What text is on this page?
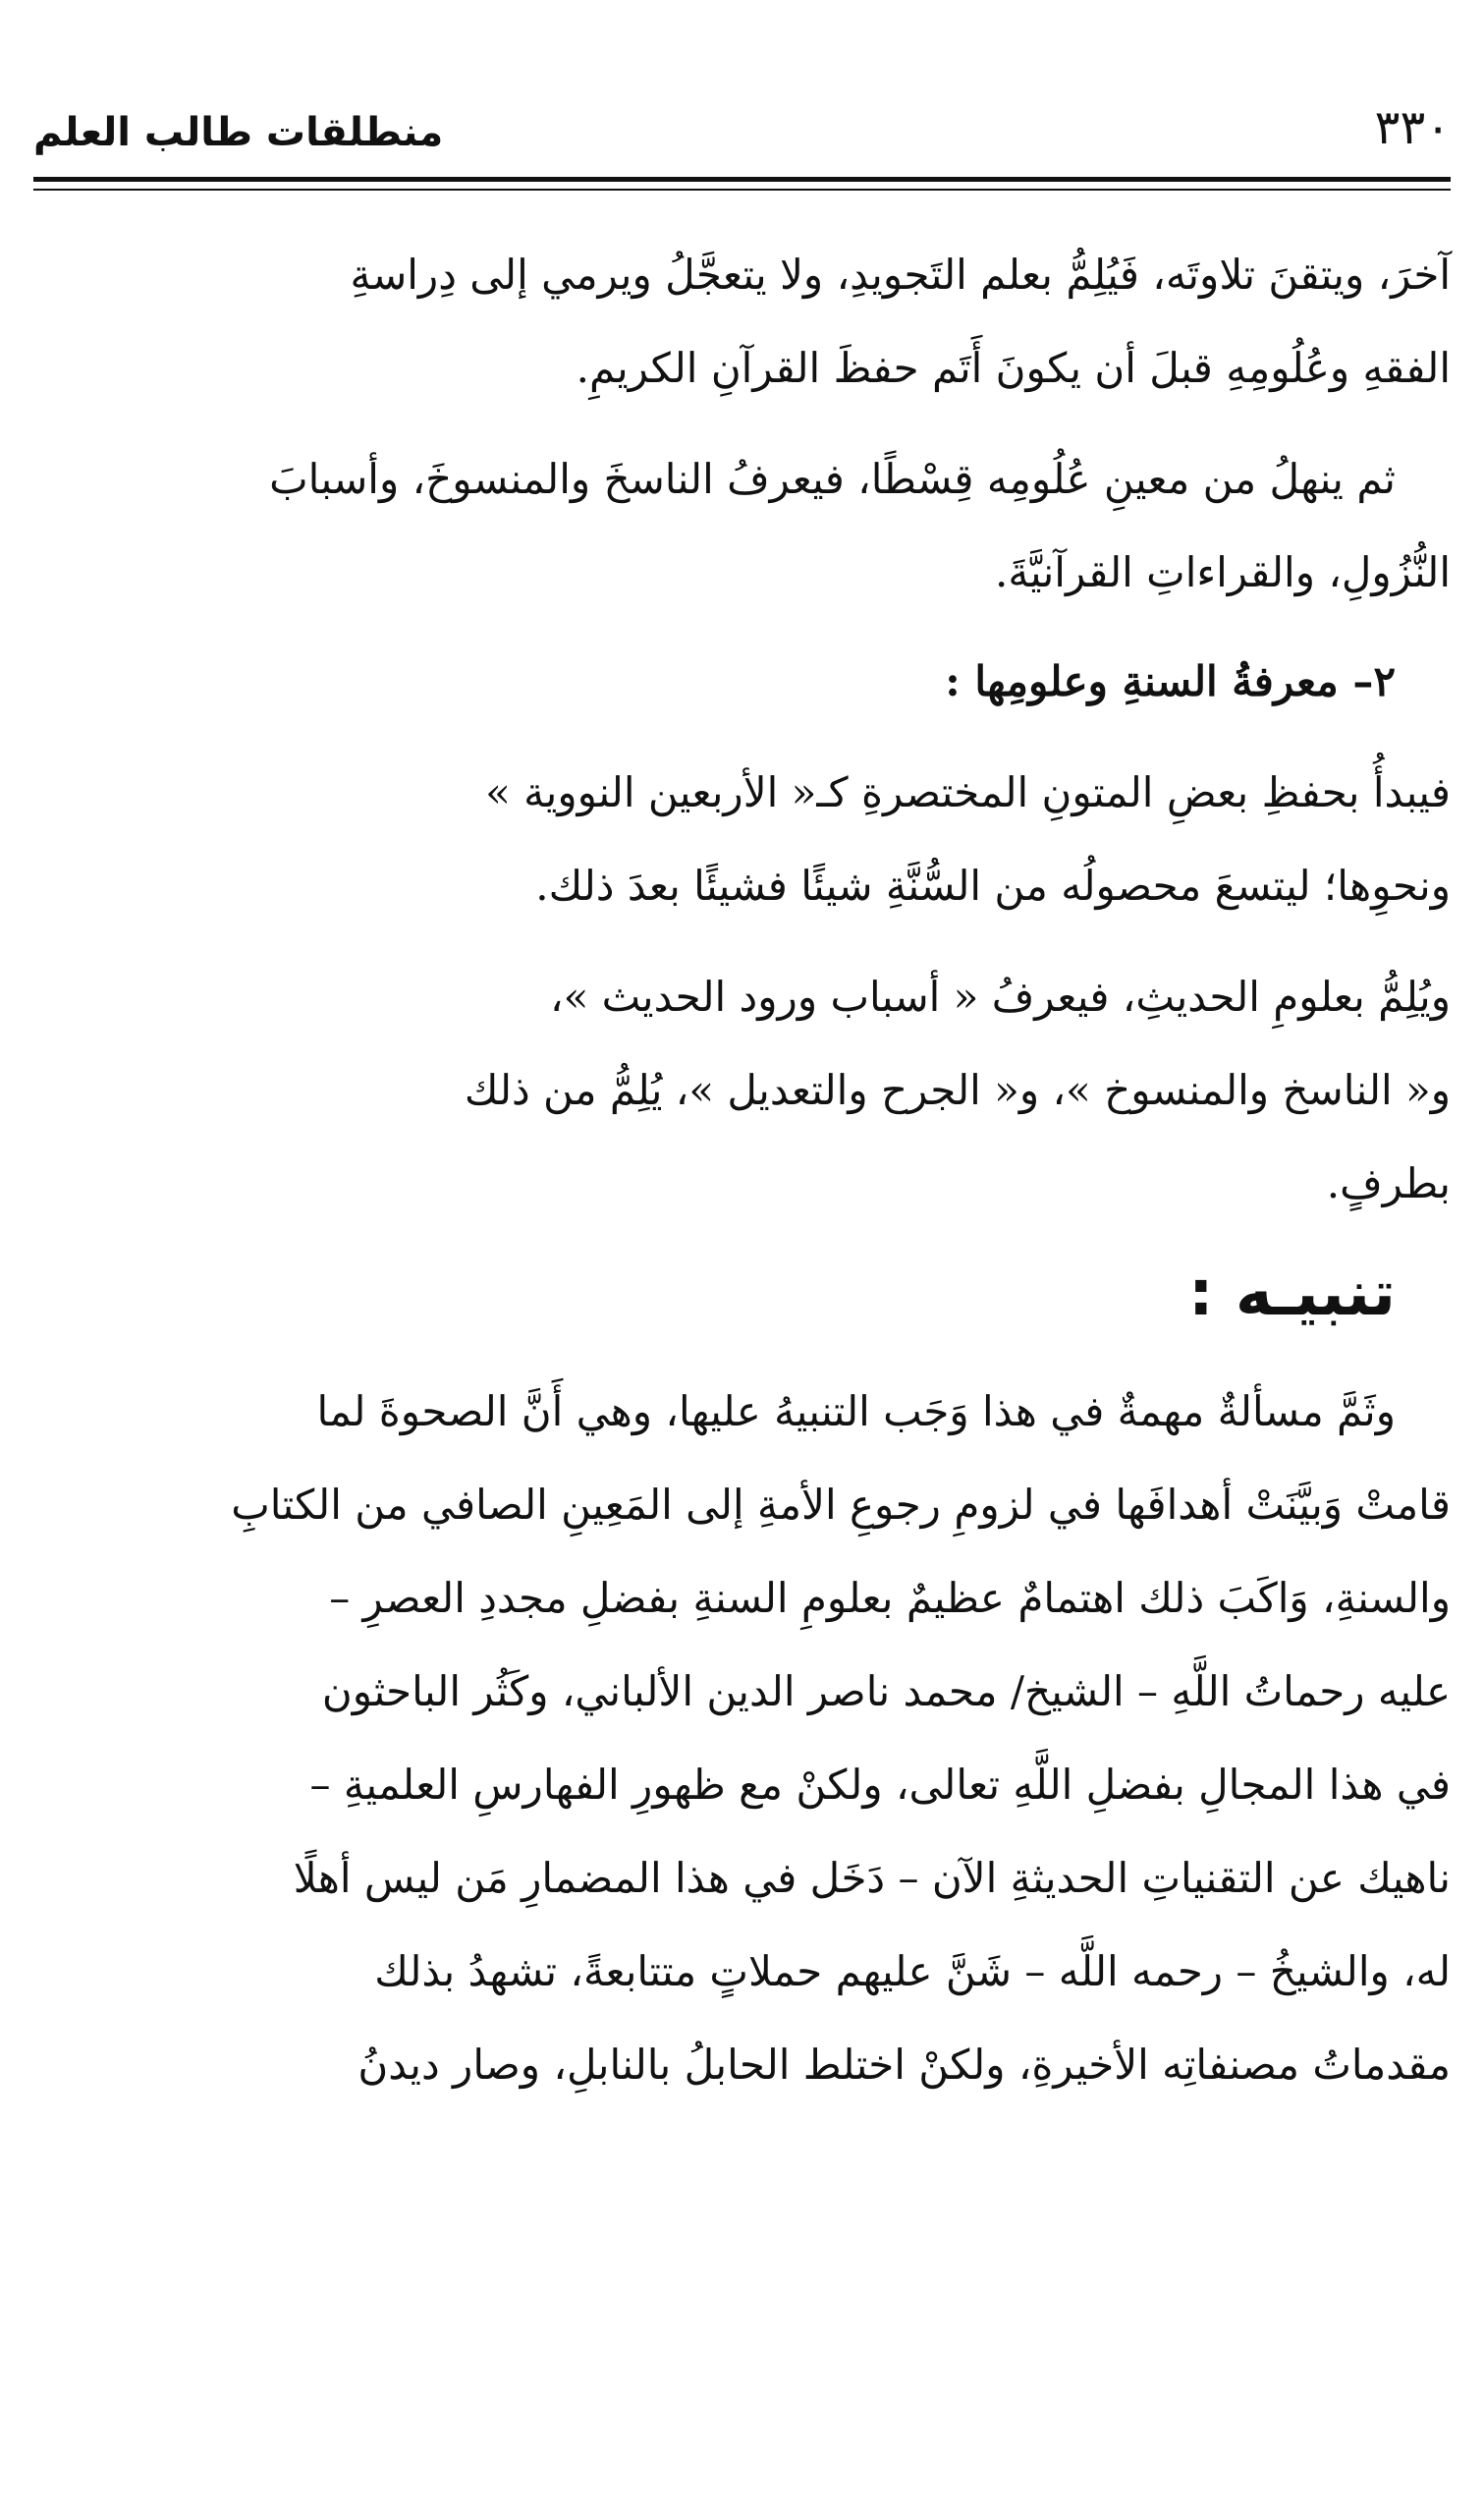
منطلقات طالب العلم	٣٣٠

آخرَ، ويتقنَ تلاوتَه، فَيُلِمُّ بعلم التَجويدِ، ولا يتعجَّلُ ويرمي إلى دِراسةِ

الفقهِ وعُلُومِهِ قبلَ أن يكونَ أَتَم حفظَ القرآنِ الكريمِ.

ثم ينهلُ من معينِ عُلُومِه قِسْطًا، فيعرفُ الناسخَ والمنسوخَ، وأسبابَ

النُّزُولِ، والقراءاتِ القرآنيَّةَ.

٢– معرفةُ السنةِ وعلومِها :

فيبدأُ بحفظِ بعضِ المتونِ المختصرةِ كـ« الأربعين النووية »

ونحوِها؛ ليتسعَ محصولُه من السُّنَّةِ شيئًا فشيئًا بعدَ ذلك.

ويُلِمُّ بعلومِ الحديثِ، فيعرفُ « أسباب ورود الحديث »،

و« الناسخ والمنسوخ »، و« الجرح والتعديل »، يُلِمُّ من ذلك

بطرفٍ.

تنبيـه :

وثَمَّ مسألةٌ مهمةٌ في هذا وَجَب التنبيهُ عليها، وهي أَنَّ الصحوةَ لما

قامتْ وَبيَّنَتْ أهدافَها في لزومِ رجوعِ الأمةِ إلى المَعِينِ الصافي من الكتابِ

والسنةِ، وَاكَبَ ذلك اهتمامٌ عظيمٌ بعلومِ السنةِ بفضلِ مجددِ العصرِ –

عليه رحماتُ اللَّهِ – الشيخ/ محمد ناصر الدين الألباني، وكَثُر الباحثون

في هذا المجالِ بفضلِ اللَّهِ تعالى، ولكنْ مع ظهورِ الفهارسِ العلميةِ –

ناهيك عن التقنياتِ الحديثةِ الآن – دَخَل في هذا المضمارِ مَن ليس أهلًا

له، والشيخُ – رحمه اللَّه – شَنَّ عليهم حملاتٍ متتابعةً، تشهدُ بذلك

مقدماتُ مصنفاتِه الأخيرةِ، ولكنْ اختلط الحابلُ بالنابلِ، وصار ديدنُ
